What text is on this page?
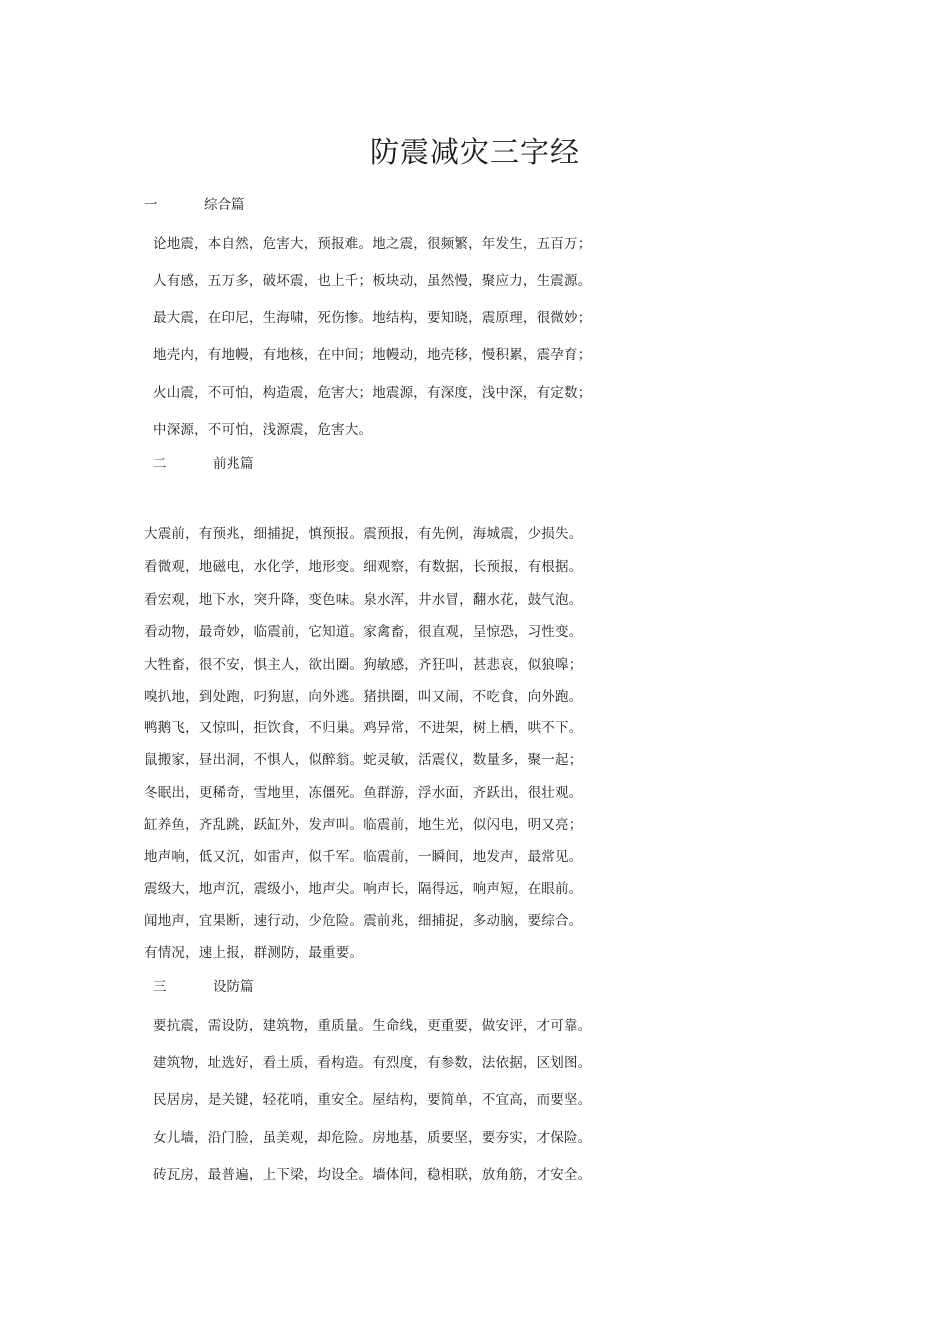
防震减灾三字经
一	综合篇
论地震，本自然，危害大，预报难。地之震，很频繁，年发生，五百万；
人有感，五万多，破坏震，也上千；板块动，虽然慢，聚应力，生震源。
最大震，在印尼，生海啸，死伤惨。地结构，要知晓，震原理，很微妙；
地壳内，有地幔，有地核，在中间；地幔动，地壳移，慢积累，震孕育；
火山震，不可怕，构造震，危害大；地震源，有深度，浅中深，有定数；
中深源，不可怕，浅源震，危害大。
二	前兆篇
大震前，有预兆，细捕捉，慎预报。震预报，有先例，海城震，少损失。
看微观，地磁电，水化学，地形变。细观察，有数据，长预报，有根据。
看宏观，地下水，突升降，变色味。泉水浑，井水冒，翻水花，鼓气泡。
看动物，最奇妙，临震前，它知道。家禽畜，很直观，呈惊恐，习性变。
大牲畜，很不安，惧主人，欲出圈。狗敏感，齐狂叫，甚悲哀，似狼嗥；
嗅扒地，到处跑，叼狗崽，向外逃。猪拱圈，叫又闹，不吃食，向外跑。
鸭鹅飞，又惊叫，拒饮食，不归巢。鸡异常，不进架，树上栖，哄不下。
鼠搬家，昼出洞，不惧人，似醉翁。蛇灵敏，活震仪，数量多，聚一起；
冬眠出，更稀奇，雪地里，冻僵死。鱼群游，浮水面，齐跃出，很壮观。
缸养鱼，齐乱跳，跃缸外，发声叫。临震前，地生光，似闪电，明又亮；
地声响，低又沉，如雷声，似千军。临震前，一瞬间，地发声，最常见。
震级大，地声沉，震级小，地声尖。响声长，隔得远，响声短，在眼前。
闻地声，宜果断，速行动，少危险。震前兆，细捕捉，多动脑，要综合。
有情况，速上报，群测防，最重要。
三	设防篇
要抗震，需设防，建筑物，重质量。生命线，更重要，做安评，才可靠。
建筑物，址选好，看土质，看构造。有烈度，有参数，法依据，区划图。
民居房，是关键，轻花哨，重安全。屋结构，要简单，不宜高，而要坚。
女儿墙，沿门脸，虽美观，却危险。房地基，质要坚，要夯实，才保险。
砖瓦房，最普遍，上下梁，均设全。墙体间，稳相联，放角筋，才安全。
